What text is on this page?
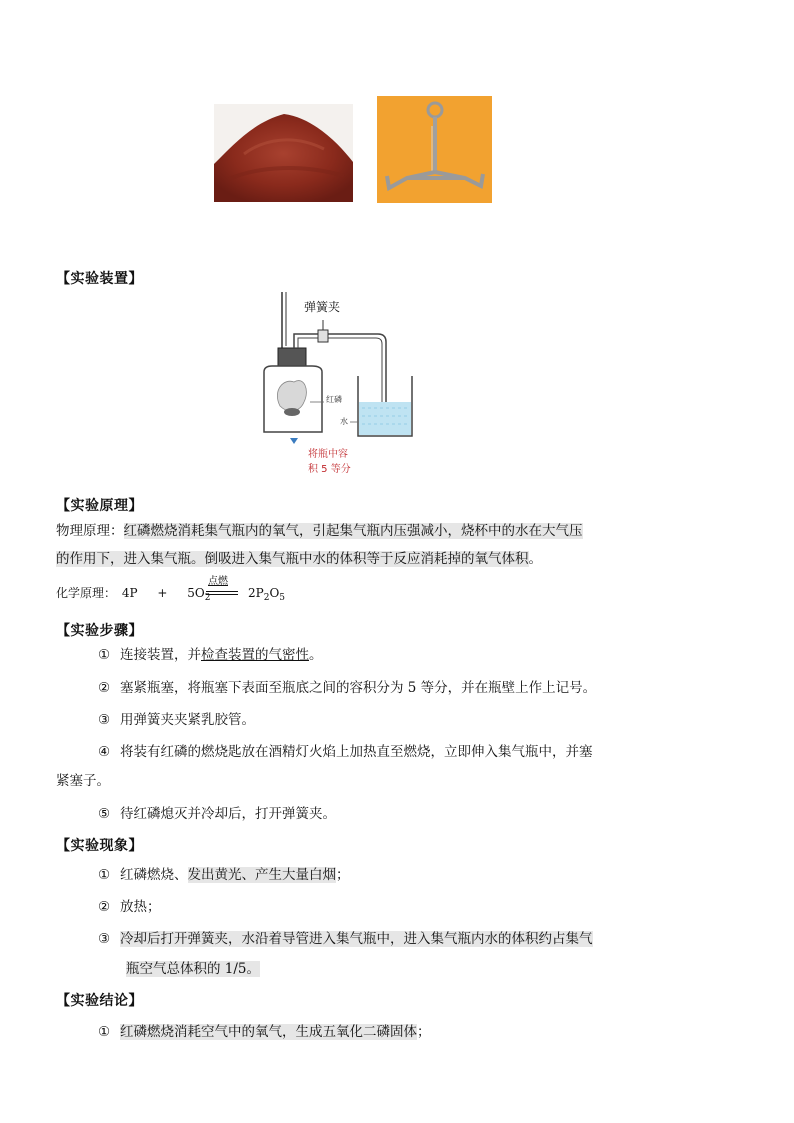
【实验装置】
弹簧夹
红磷
水
将瓶中容
积 5 等分
【实验原理】
物理原理：红磷燃烧消耗集气瓶内的氧气，引起集气瓶内压强减小，烧杯中的水在大气压
的作用下，进入集气瓶。倒吸进入集气瓶中水的体积等于反应消耗掉的氧气体积。
化学原理： $4P + 5O_2$
点燃
$2P_2O_5$
【实验步骤】
① 连接装置，并检查装置的气密性。
② 塞紧瓶塞，将瓶塞下表面至瓶底之间的容积分为 5 等分，并在瓶壁上作上记号。
③ 用弹簧夹夹紧乳胶管。
④ 将装有红磷的燃烧匙放在酒精灯火焰上加热直至燃烧，立即伸入集气瓶中，并塞
紧塞子。
⑤ 待红磷熄灭并冷却后，打开弹簧夹。
【实验现象】
① 红磷燃烧、发出黄光、产生大量白烟；
② 放热；
③ 冷却后打开弹簧夹，水沿着导管进入集气瓶中，进入集气瓶内水的体积约占集气
瓶空气总体积的 1/5。
【实验结论】
① 红磷燃烧消耗空气中的氧气，生成五氧化二磷固体；
